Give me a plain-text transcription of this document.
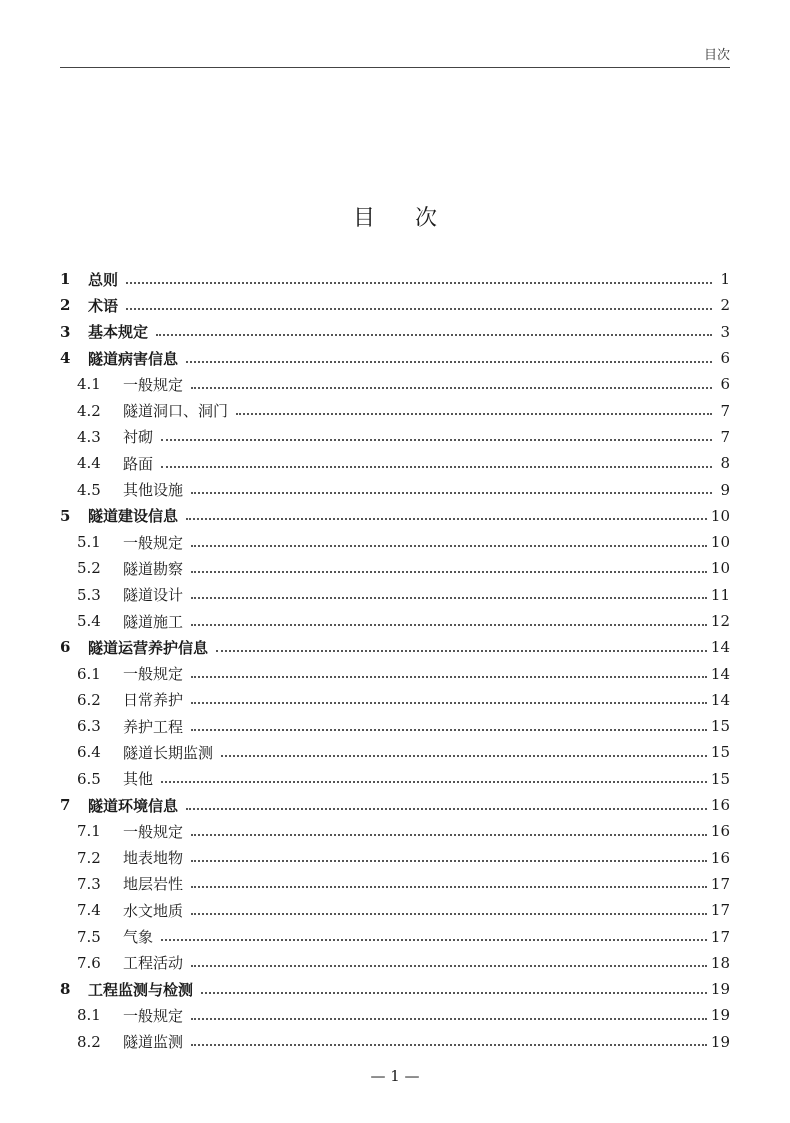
目次
目次
1	总则	1
2	术语	2
3	基本规定	3
4	隧道病害信息	6
4.1	一般规定	6
4.2	隧道洞口、洞门	7
4.3	衬砌	7
4.4	路面	8
4.5	其他设施	9
5	隧道建设信息	10
5.1	一般规定	10
5.2	隧道勘察	10
5.3	隧道设计	11
5.4	隧道施工	12
6	隧道运营养护信息	14
6.1	一般规定	14
6.2	日常养护	14
6.3	养护工程	15
6.4	隧道长期监测	15
6.5	其他	15
7	隧道环境信息	16
7.1	一般规定	16
7.2	地表地物	16
7.3	地层岩性	17
7.4	水文地质	17
7.5	气象	17
7.6	工程活动	18
8	工程监测与检测	19
8.1	一般规定	19
8.2	隧道监测	19
— 1 —
